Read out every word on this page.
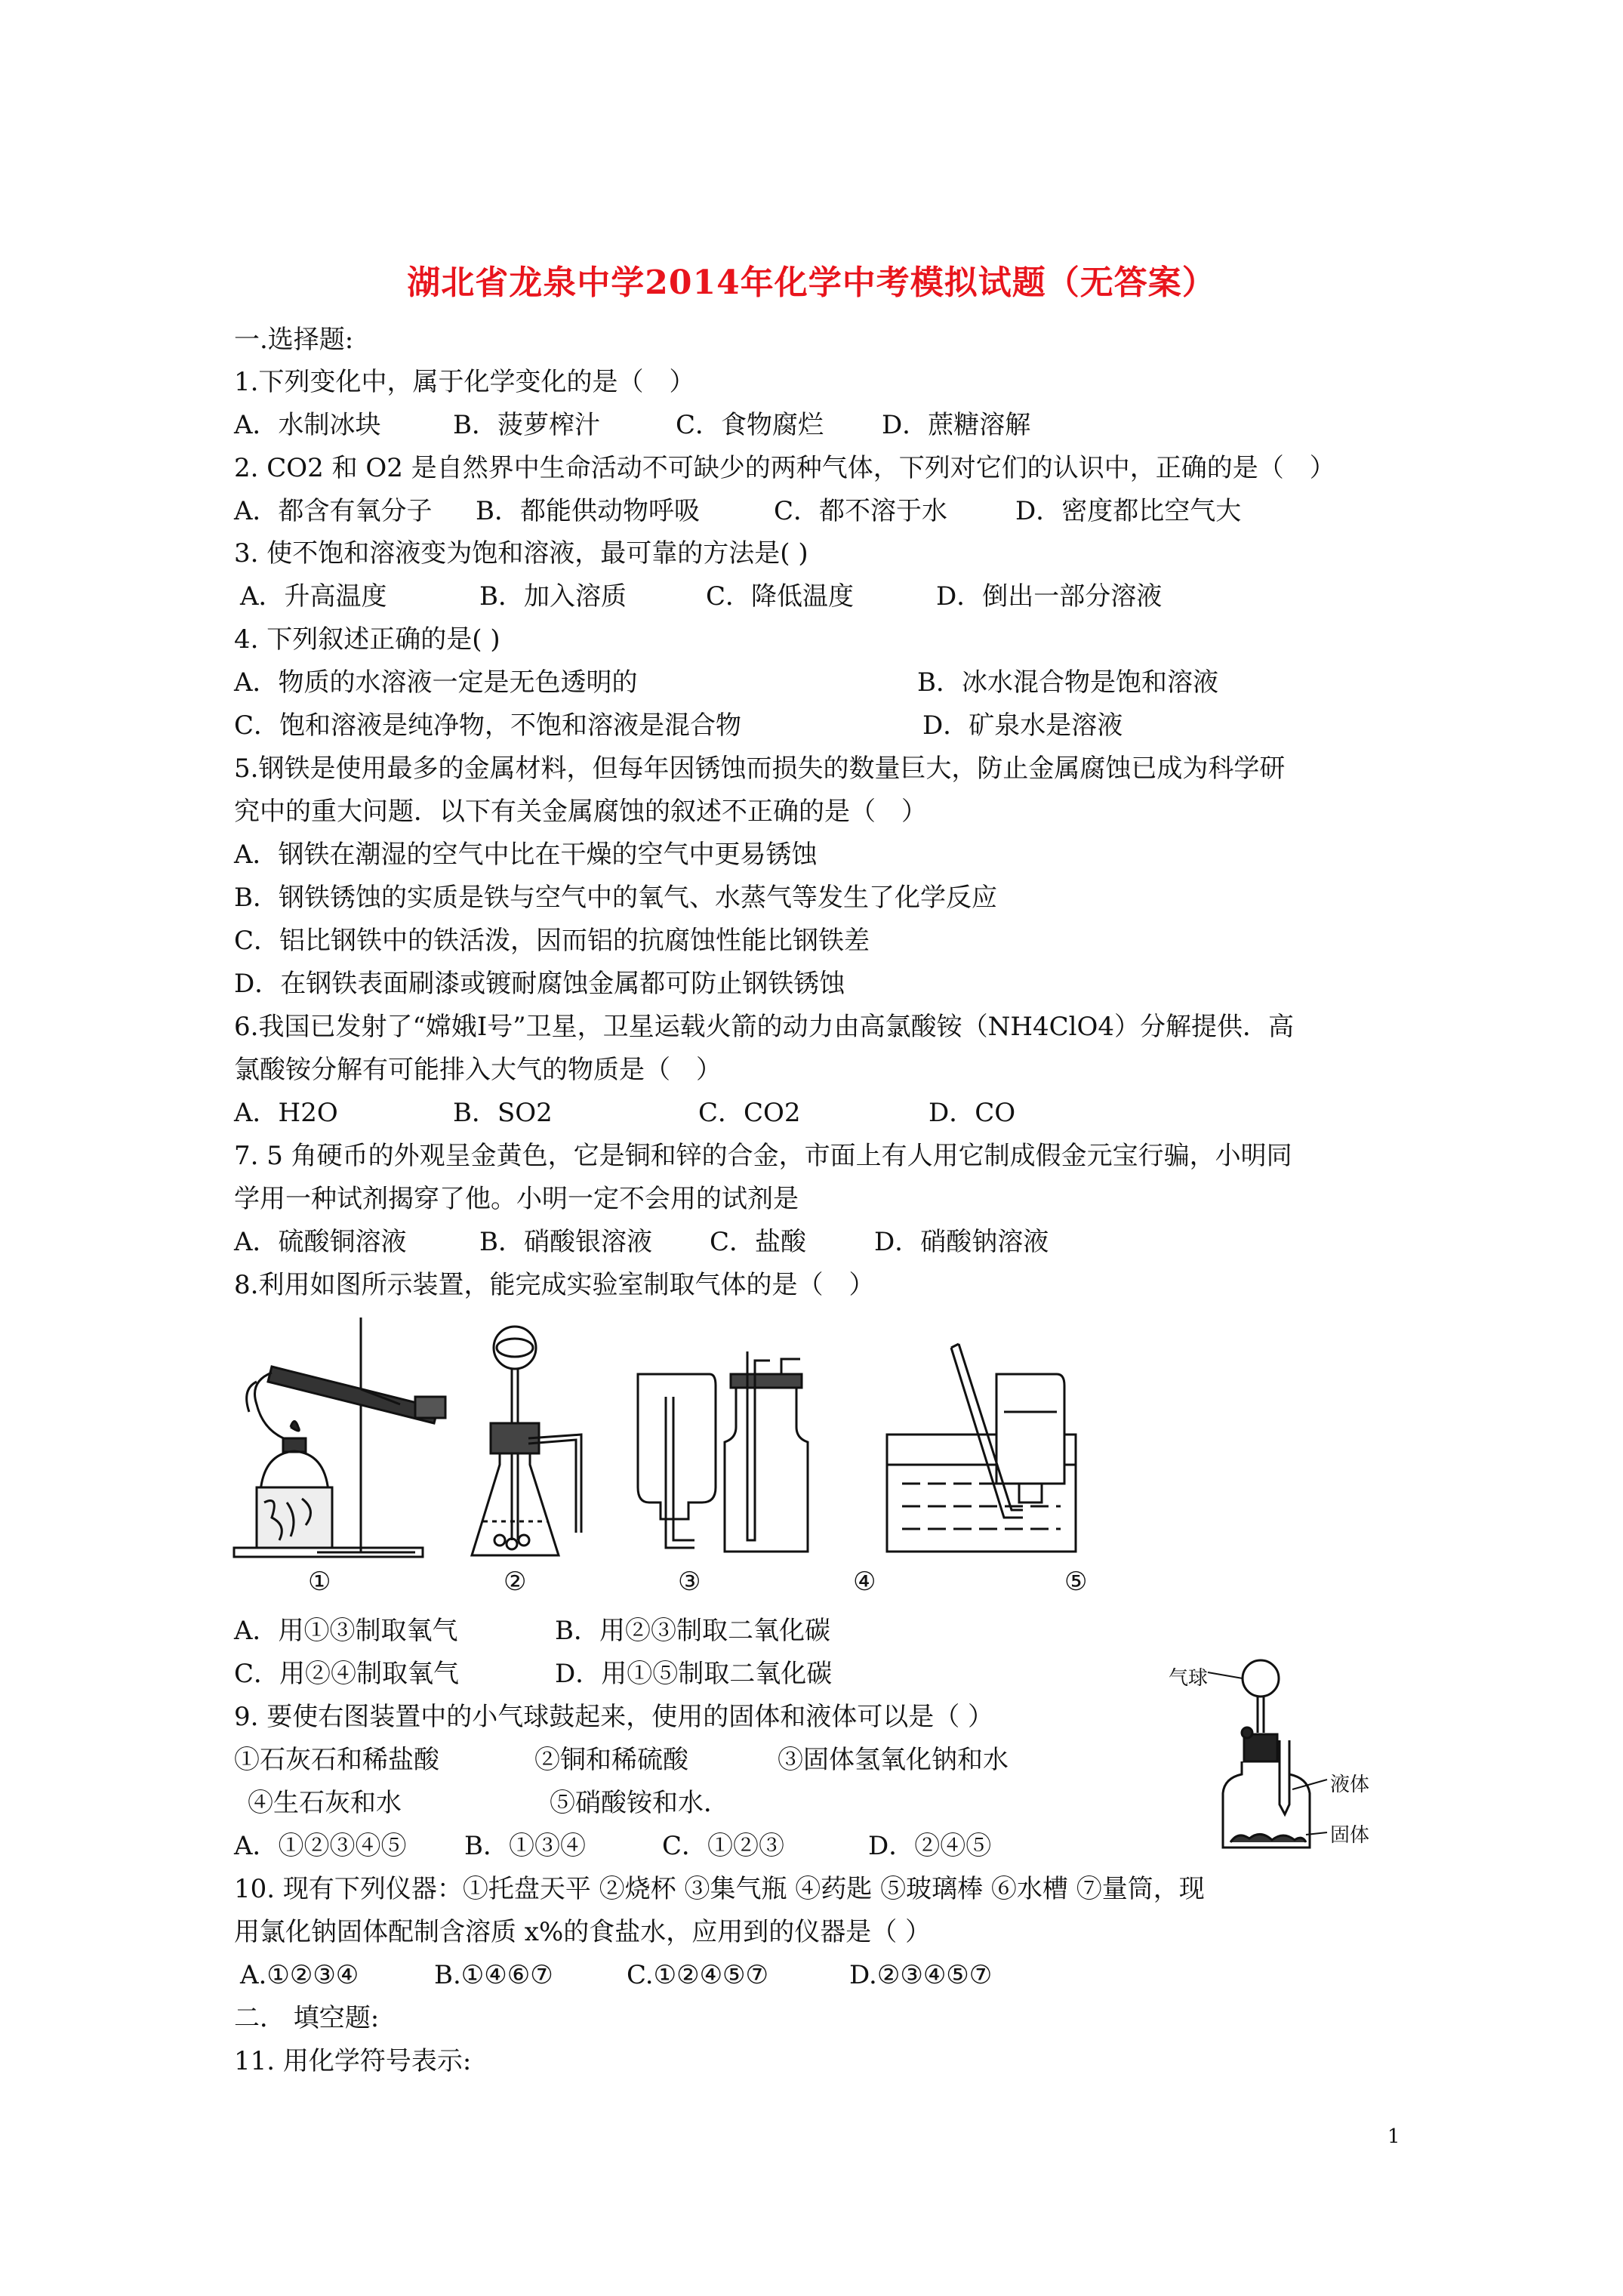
湖北省龙泉中学2014年化学中考模拟试题（无答案）
一.选择题:
1.下列变化中，属于化学变化的是（　）
A．水制冰块	B．菠萝榨汁	C．食物腐烂 D．蔗糖溶解
2. CO2 和 O2 是自然界中生命活动不可缺少的两种气体，下列对它们的认识中，正确的是（　）
A．都含有氧分子 B．都能供动物呼吸	C．都不溶于水	D．密度都比空气大
3. 使不饱和溶液变为饱和溶液，最可靠的方法是( )
A．升高温度	B．加入溶质	C．降低温度	D．倒出一部分溶液
4. 下列叙述正确的是( )
A．物质的水溶液一定是无色透明的	B．冰水混合物是饱和溶液
C．饱和溶液是纯净物，不饱和溶液是混合物	D．矿泉水是溶液
5.钢铁是使用最多的金属材料，但每年因锈蚀而损失的数量巨大，防止金属腐蚀已成为科学研
究中的重大问题．以下有关金属腐蚀的叙述不正确的是（　）
A．钢铁在潮湿的空气中比在干燥的空气中更易锈蚀
B．钢铁锈蚀的实质是铁与空气中的氧气、水蒸气等发生了化学反应
C．铝比钢铁中的铁活泼，因而铝的抗腐蚀性能比钢铁差
D．在钢铁表面刷漆或镀耐腐蚀金属都可防止钢铁锈蚀
6.我国已发射了“嫦娥Ⅰ号”卫星，卫星运载火箭的动力由高氯酸铵（NH4ClO4）分解提供．高
氯酸铵分解有可能排入大气的物质是（　）
A．H2O	B．SO2	C．CO2	D．CO
7. 5 角硬币的外观呈金黄色，它是铜和锌的合金，市面上有人用它制成假金元宝行骗，小明同
学用一种试剂揭穿了他。小明一定不会用的试剂是
A．硫酸铜溶液	B．硝酸银溶液 C．盐酸	D．硝酸钠溶液
8.利用如图所示装置，能完成实验室制取气体的是（　）
①	②	③	④	⑤
A．用①③制取氧气	B．用②③制取二氧化碳
C．用②④制取氧气	D．用①⑤制取二氧化碳
9. 要使右图装置中的小气球鼓起来，使用的固体和液体可以是（ ）
①石灰石和稀盐酸	②铜和稀硫酸	③固体氢氧化钠和水
④生石灰和水	⑤硝酸铵和水．
A．①②③④⑤ B．①③④	C．①②③	D．②④⑤
气球
液体
固体
10. 现有下列仪器：①托盘天平 ②烧杯 ③集气瓶 ④药匙 ⑤玻璃棒 ⑥水槽 ⑦量筒，现
用氯化钠固体配制含溶质 x%的食盐水，应用到的仪器是（ ）
A.①②③④	B.①④⑥⑦	C.①②④⑤⑦	D.②③④⑤⑦
二． 填空题:
11. 用化学符号表示:
1
